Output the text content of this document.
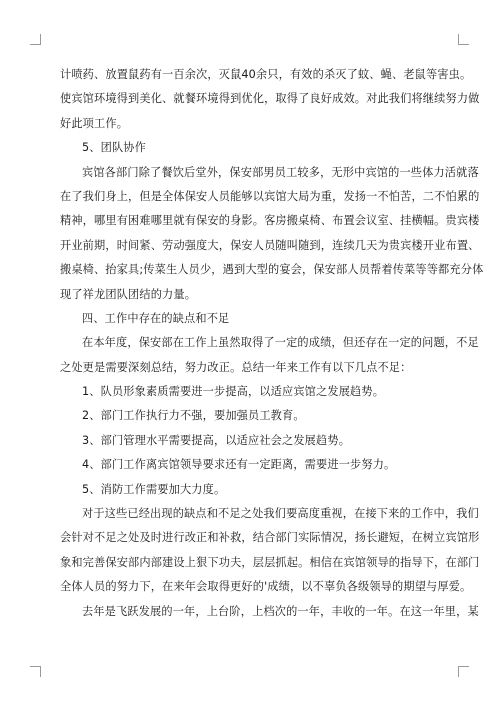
计喷药、放置鼠药有一百余次，灭鼠40余只，有效的杀灭了蚊、蝇、老鼠等害虫。
使宾馆环境得到美化、就餐环境得到优化，取得了良好成效。对此我们将继续努力做
好此项工作。
5、团队协作
宾馆各部门除了餐饮后堂外，保安部男员工较多，无形中宾馆的一些体力活就落
在了我们身上，但是全体保安人员能够以宾馆大局为重，发扬一不怕苦，二不怕累的
精神，哪里有困难哪里就有保安的身影。客房搬桌椅、布置会议室、挂横幅。贵宾楼
开业前期，时间紧、劳动强度大，保安人员随叫随到，连续几天为贵宾楼开业布置、
搬桌椅、抬家具;传菜生人员少，遇到大型的宴会，保安部人员帮着传菜等等都充分体
现了祥龙团队团结的力量。
四、工作中存在的缺点和不足
在本年度，保安部在工作上虽然取得了一定的成绩，但还存在一定的问题，不足
之处更是需要深刻总结，努力改正。总结一年来工作有以下几点不足：
1、队员形象素质需要进一步提高，以适应宾馆之发展趋势。
2、部门工作执行力不强，要加强员工教育。
3、部门管理水平需要提高，以适应社会之发展趋势。
4、部门工作离宾馆领导要求还有一定距离，需要进一步努力。
5、消防工作需要加大力度。
对于这些已经出现的缺点和不足之处我们要高度重视，在接下来的工作中，我们
会针对不足之处及时进行改正和补救，结合部门实际情况，扬长避短，在树立宾馆形
象和完善保安部内部建设上狠下功夫，层层抓起。相信在宾馆领导的指导下，在部门
全体人员的努力下，在来年会取得更好的'成绩，以不辜负各级领导的期望与厚爱。
去年是飞跃发展的一年，上台阶，上档次的一年，丰收的一年。在这一年里，某
